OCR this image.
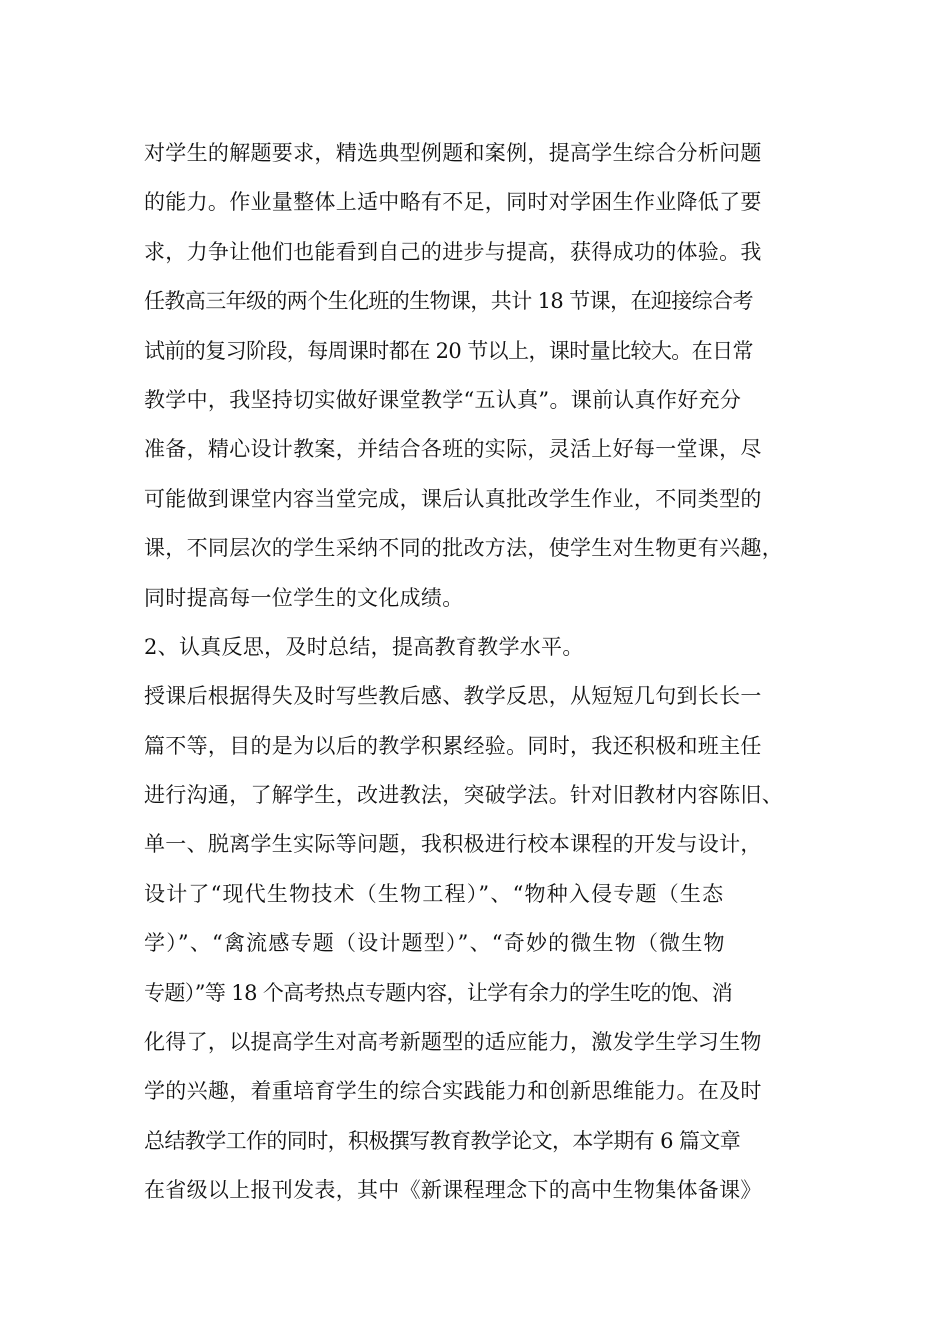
对学生的解题要求，精选典型例题和案例，提高学生综合分析问题
的能力。作业量整体上适中略有不足，同时对学困生作业降低了要
求，力争让他们也能看到自己的进步与提高，获得成功的体验。我
任教高三年级的两个生化班的生物课，共计 18 节课，在迎接综合考
试前的复习阶段，每周课时都在 20 节以上，课时量比较大。在日常
教学中，我坚持切实做好课堂教学“五认真”。课前认真作好充分
准备，精心设计教案，并结合各班的实际，灵活上好每一堂课，尽
可能做到课堂内容当堂完成，课后认真批改学生作业，不同类型的
课，不同层次的学生采纳不同的批改方法，使学生对生物更有兴趣，
同时提高每一位学生的文化成绩。
2、认真反思，及时总结，提高教育教学水平。
授课后根据得失及时写些教后感、教学反思，从短短几句到长长一
篇不等，目的是为以后的教学积累经验。同时，我还积极和班主任
进行沟通，了解学生，改进教法，突破学法。针对旧教材内容陈旧、
单一、脱离学生实际等问题，我积极进行校本课程的开发与设计，
设计了“现代生物技术（生物工程）”、“物种入侵专题（生态
学）”、“禽流感专题（设计题型）”、“奇妙的微生物（微生物
专题）”等 18 个高考热点专题内容，让学有余力的学生吃的饱、消
化得了，以提高学生对高考新题型的适应能力，激发学生学习生物
学的兴趣，着重培育学生的综合实践能力和创新思维能力。在及时
总结教学工作的同时，积极撰写教育教学论文，本学期有 6 篇文章
在省级以上报刊发表，其中《新课程理念下的高中生物集体备课》
